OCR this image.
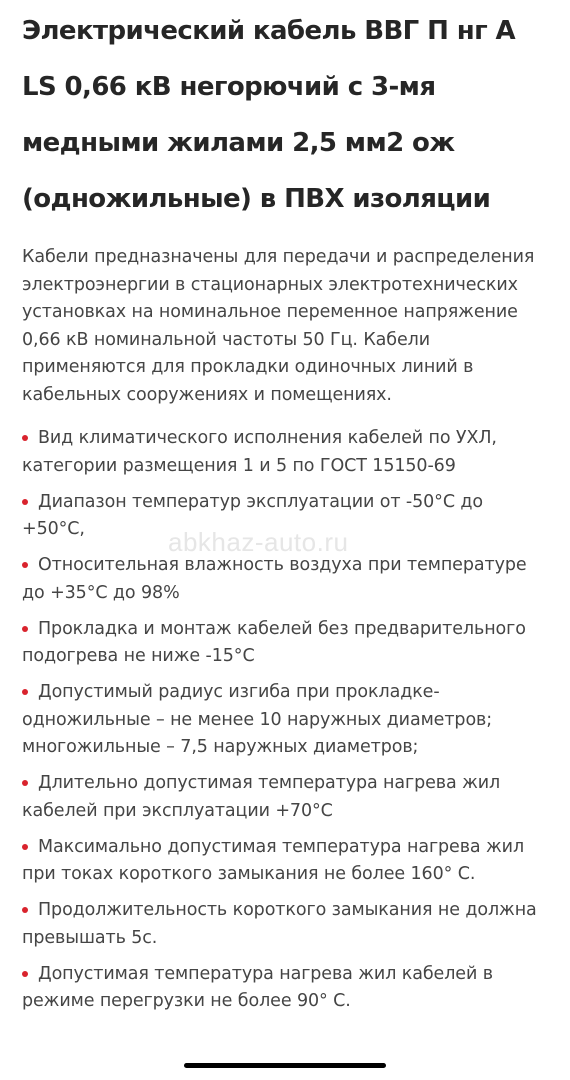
Электрический кабель ВВГ П нг A LS 0,66 кВ негорючий с 3-мя медными жилами 2,5 мм2 ож (одножильные) в ПВХ изоляции

Кабели предназначены для передачи и распределения электроэнергии в стационарных электротехнических установках на номинальное переменное напряжение 0,66 кВ номинальной частоты 50 Гц. Кабели применяются для прокладки одиночных линий в кабельных сооружениях и помещениях.

Вид климатического исполнения кабелей по УХЛ, категории размещения 1 и 5 по ГОСТ 15150-69
Диапазон температур эксплуатации от -50°C до +50°C,
Относительная влажность воздуха при температуре до +35°C до 98%
Прокладка и монтаж кабелей без предварительного подогрева не ниже -15°C
Допустимый радиус изгиба при прокладке- одножильные – не менее 10 наружных диаметров; многожильные – 7,5 наружных диаметров;
Длительно допустимая температура нагрева жил кабелей при эксплуатации +70°C
Максимально допустимая температура нагрева жил при токах короткого замыкания не более 160° С.
Продолжительность короткого замыкания не должна превышать 5с.
Допустимая температура нагрева жил кабелей в режиме перегрузки не более 90° С.
abkhaz-auto.ru
